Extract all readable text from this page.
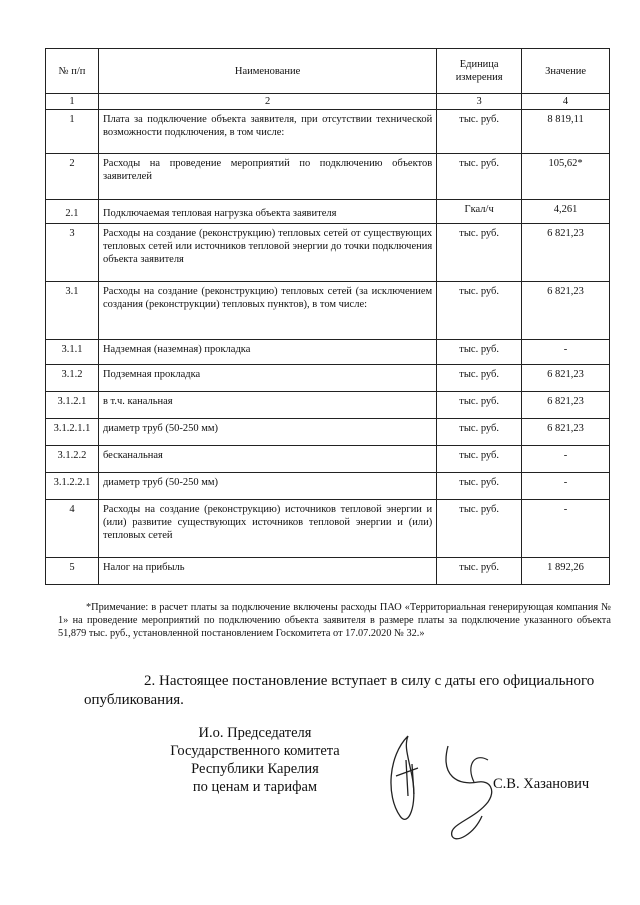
№ п/п	Наименование	Единица измерения	Значение
1	2	3	4
1	Плата за подключение объекта заявителя, при отсутствии технической возможности подключения, в том числе:	тыс. руб.	8 819,11
2	Расходы на проведение мероприятий по подключению объектов заявителей	тыс. руб.	105,62*
2.1	Подключаемая тепловая нагрузка объекта заявителя	Гкал/ч	4,261
3	Расходы на создание (реконструкцию) тепловых сетей от существующих тепловых сетей или источников тепловой энергии до точки подключения объекта заявителя	тыс. руб.	6 821,23
3.1	Расходы на создание (реконструкцию) тепловых сетей (за исключением создания (реконструкции) тепловых пунктов), в том числе:	тыс. руб.	6 821,23
3.1.1	Надземная (наземная) прокладка	тыс. руб.	-
3.1.2	Подземная прокладка	тыс. руб.	6 821,23
3.1.2.1	в т.ч. канальная	тыс. руб.	6 821,23
3.1.2.1.1	диаметр труб (50-250 мм)	тыс. руб.	6 821,23
3.1.2.2	бесканальная	тыс. руб.	-
3.1.2.2.1	диаметр труб (50-250 мм)	тыс. руб.	-
4	Расходы на создание (реконструкцию) источников тепловой энергии и (или) развитие существующих источников тепловой энергии и (или) тепловых сетей	тыс. руб.	-
5	Налог на прибыль	тыс. руб.	1 892,26
*Примечание: в расчет платы за подключение включены расходы ПАО «Территориальная генерирующая компания № 1» на проведение мероприятий по подключению объекта заявителя в размере платы за подключение указанного объекта 51,879 тыс. руб., установленной постановлением Госкомитета от 17.07.2020 № 32.»
2. Настоящее постановление вступает в силу с даты его официального
опубликования.
И.о. Председателя
Государственного комитета
Республики Карелия
по ценам и тарифам	С.В. Хазанович
